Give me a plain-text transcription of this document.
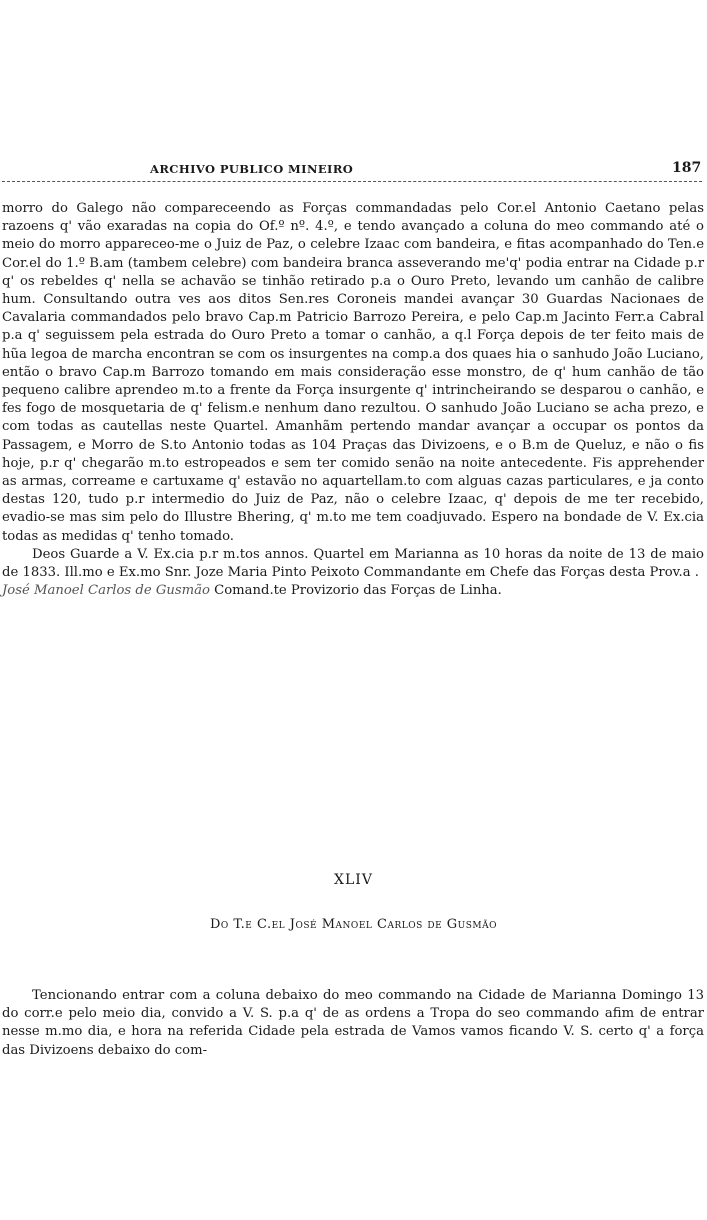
ARCHIVO PUBLICO MINEIRO	187

morro do Galego não compareceendo as Forças commandadas pelo Cor.el Antonio Caetano pelas razoens q' vão exaradas na copia do Of.º nº. 4.º, e tendo avançado a coluna do meo commando até o meio do morro appareceo-me o Juiz de Paz, o celebre Izaac com bandeira, e fitas acompanhado do Ten.e Cor.el do 1.º B.am (tambem celebre) com bandeira branca asseverando me'q' podia entrar na Cidade p.r q' os rebeldes q' nella se achavão se tinhão retirado p.a o Ouro Preto, levando um canhão de calibre hum. Consultando outra ves aos ditos Sen.res Coroneis mandei avançar 30 Guardas Nacionaes de Cavalaria commandados pelo bravo Cap.m Patricio Barrozo Pereira, e pelo Cap.m Jacinto Ferr.a Cabral p.a q' seguissem pela estrada do Ouro Preto a tomar o canhão, a q.l Força depois de ter feito mais de hũa legoa de marcha encontran se com os insurgentes na comp.a dos quaes hia o sanhudo João Luciano, então o bravo Cap.m Barrozo tomando em mais consideração esse monstro, de q' hum canhão de tão pequeno calibre aprendeo m.to a frente da Força insurgente q' intrincheirando se desparou o canhão, e fes fogo de mosquetaria de q' felism.e nenhum dano rezultou. O sanhudo João Luciano se acha prezo, e com todas as cautellas neste Quartel. Amanhãm pertendo mandar avançar a occupar os pontos da Passagem, e Morro de S.to Antonio todas as 104 Praças das Divizoens, e o B.m de Queluz, e não o fis hoje, p.r q' chegarão m.to estropeados e sem ter comido senão na noite antecedente. Fis apprehender as armas, correame e cartuxame q' estavão no aquartellam.to com alguas cazas particulares, e ja conto destas 120, tudo p.r intermedio do Juiz de Paz, não o celebre Izaac, q' depois de me ter recebido, evadio-se mas sim pelo do Illustre Bhering, q' m.to me tem coadjuvado. Espero na bondade de V. Ex.cia todas as medidas q' tenho tomado.

Deos Guarde a V. Ex.cia p.r m.tos annos. Quartel em Marianna as 10 horas da noite de 13 de maio de 1833. Ill.mo e Ex.mo Snr. Joze Maria Pinto Peixoto Commandante em Chefe das Forças desta Prov.a .

José Manoel Carlos de Gusmão Comand.te Provizorio das Forças de Linha.

XLIV
Do T.e C.el José Manoel Carlos de Gusmão

Tencionando entrar com a coluna debaixo do meo commando na Cidade de Marianna Domingo 13 do corr.e pelo meio dia, convido a V. S. p.a q' de as ordens a Tropa do seo commando afim de entrar nesse m.mo dia, e hora na referida Cidade pela estrada de Vamos vamos ficando V. S. certo q' a força das Divizoens debaixo do com-
